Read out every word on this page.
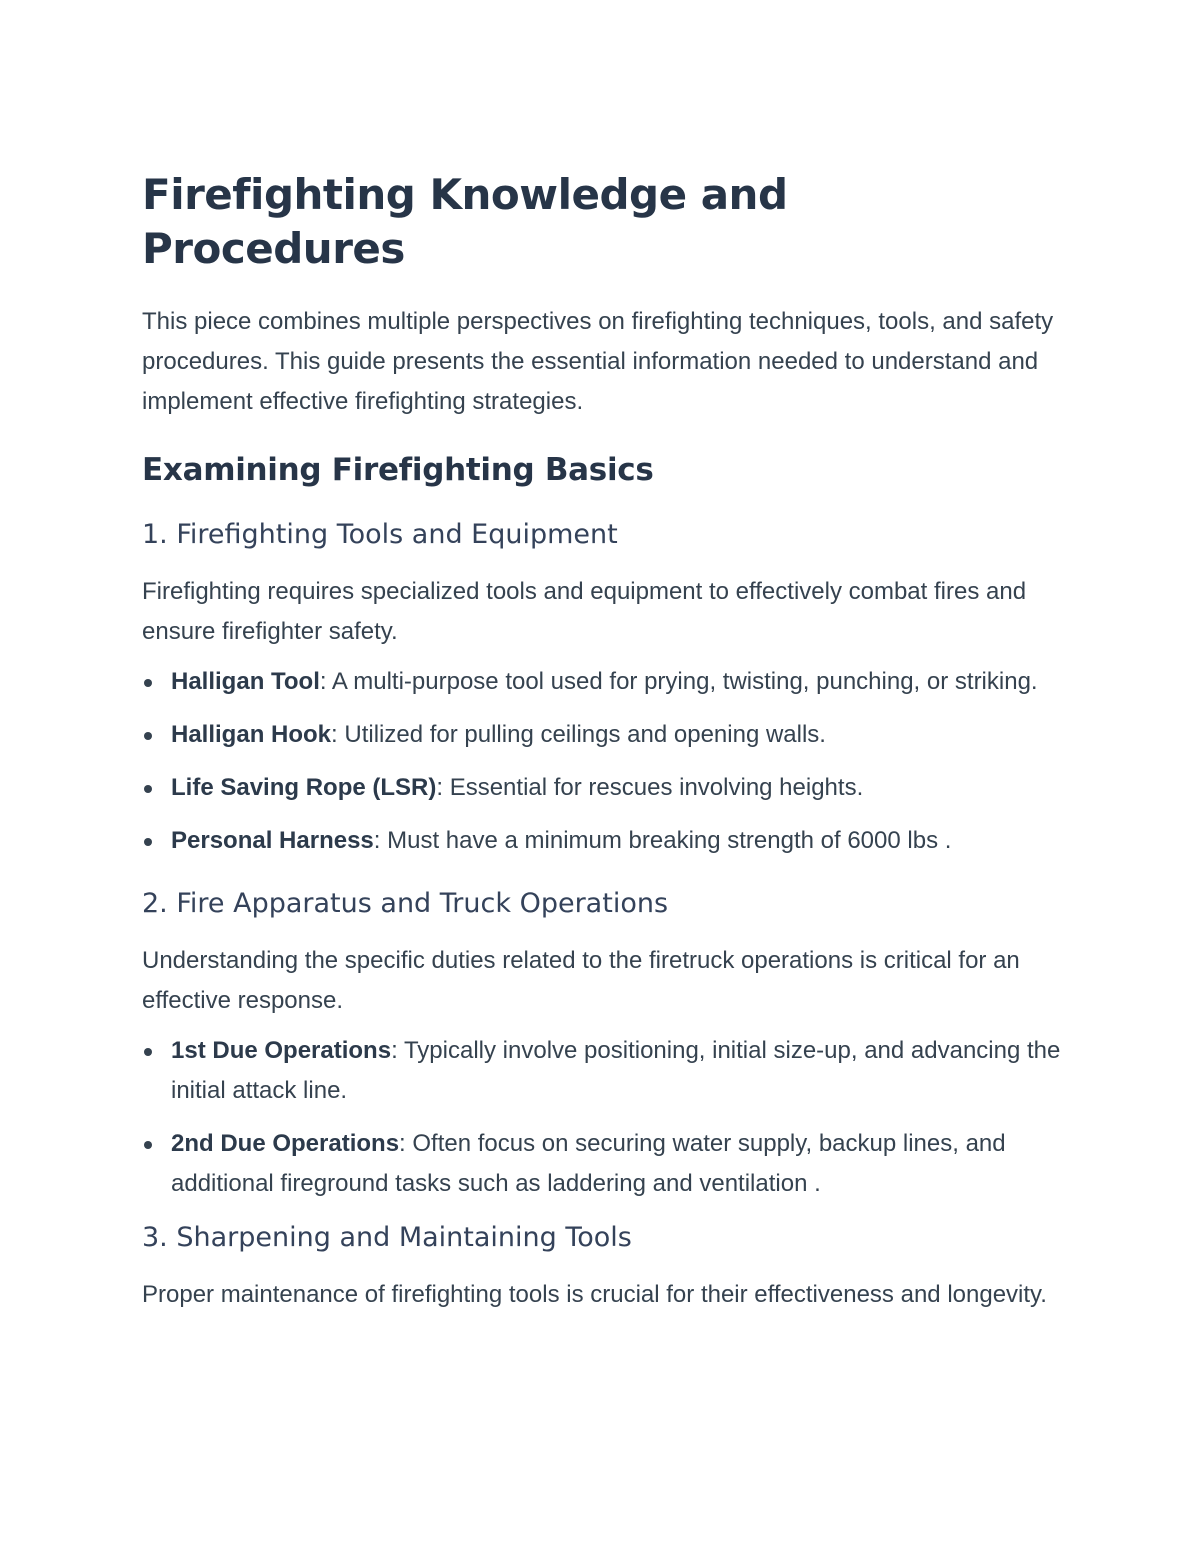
Firefighting Knowledge and Procedures

This piece combines multiple perspectives on firefighting techniques, tools, and safety procedures. This guide presents the essential information needed to understand and implement effective firefighting strategies.

Examining Firefighting Basics
1. Firefighting Tools and Equipment

Firefighting requires specialized tools and equipment to effectively combat fires and ensure firefighter safety.

Halligan Tool: A multi-purpose tool used for prying, twisting, punching, or striking.
Halligan Hook: Utilized for pulling ceilings and opening walls.
Life Saving Rope (LSR): Essential for rescues involving heights.
Personal Harness: Must have a minimum breaking strength of 6000 lbs .
2. Fire Apparatus and Truck Operations

Understanding the specific duties related to the firetruck operations is critical for an effective response.

1st Due Operations: Typically involve positioning, initial size-up, and advancing the initial attack line.
2nd Due Operations: Often focus on securing water supply, backup lines, and additional fireground tasks such as laddering and ventilation .
3. Sharpening and Maintaining Tools

Proper maintenance of firefighting tools is crucial for their effectiveness and longevity.
